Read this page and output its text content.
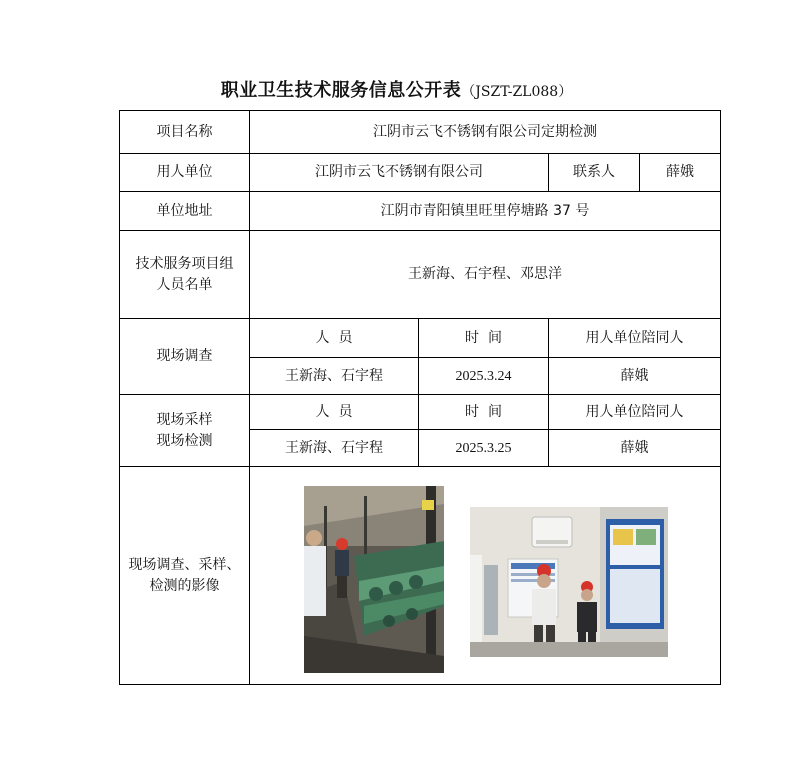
职业卫生技术服务信息公开表（JSZT-ZL088）
项目名称	江阴市云飞不锈钢有限公司定期检测			
用人单位	江阴市云飞不锈钢有限公司		联系人	薛娥
单位地址	江阴市青阳镇里旺里停塘路 37 号			

技术服务项目组
人员名单	王新海、石宇程、邓思洋			
现场调查	人  员	时  间	用人单位陪同人	
	王新海、石宇程	2025.3.24	薛娥	

现场采样
现场检测	人  员	时  间	用人单位陪同人	
	王新海、石宇程	2025.3.25	薛娥	

现场调查、采样、
检测的影像
